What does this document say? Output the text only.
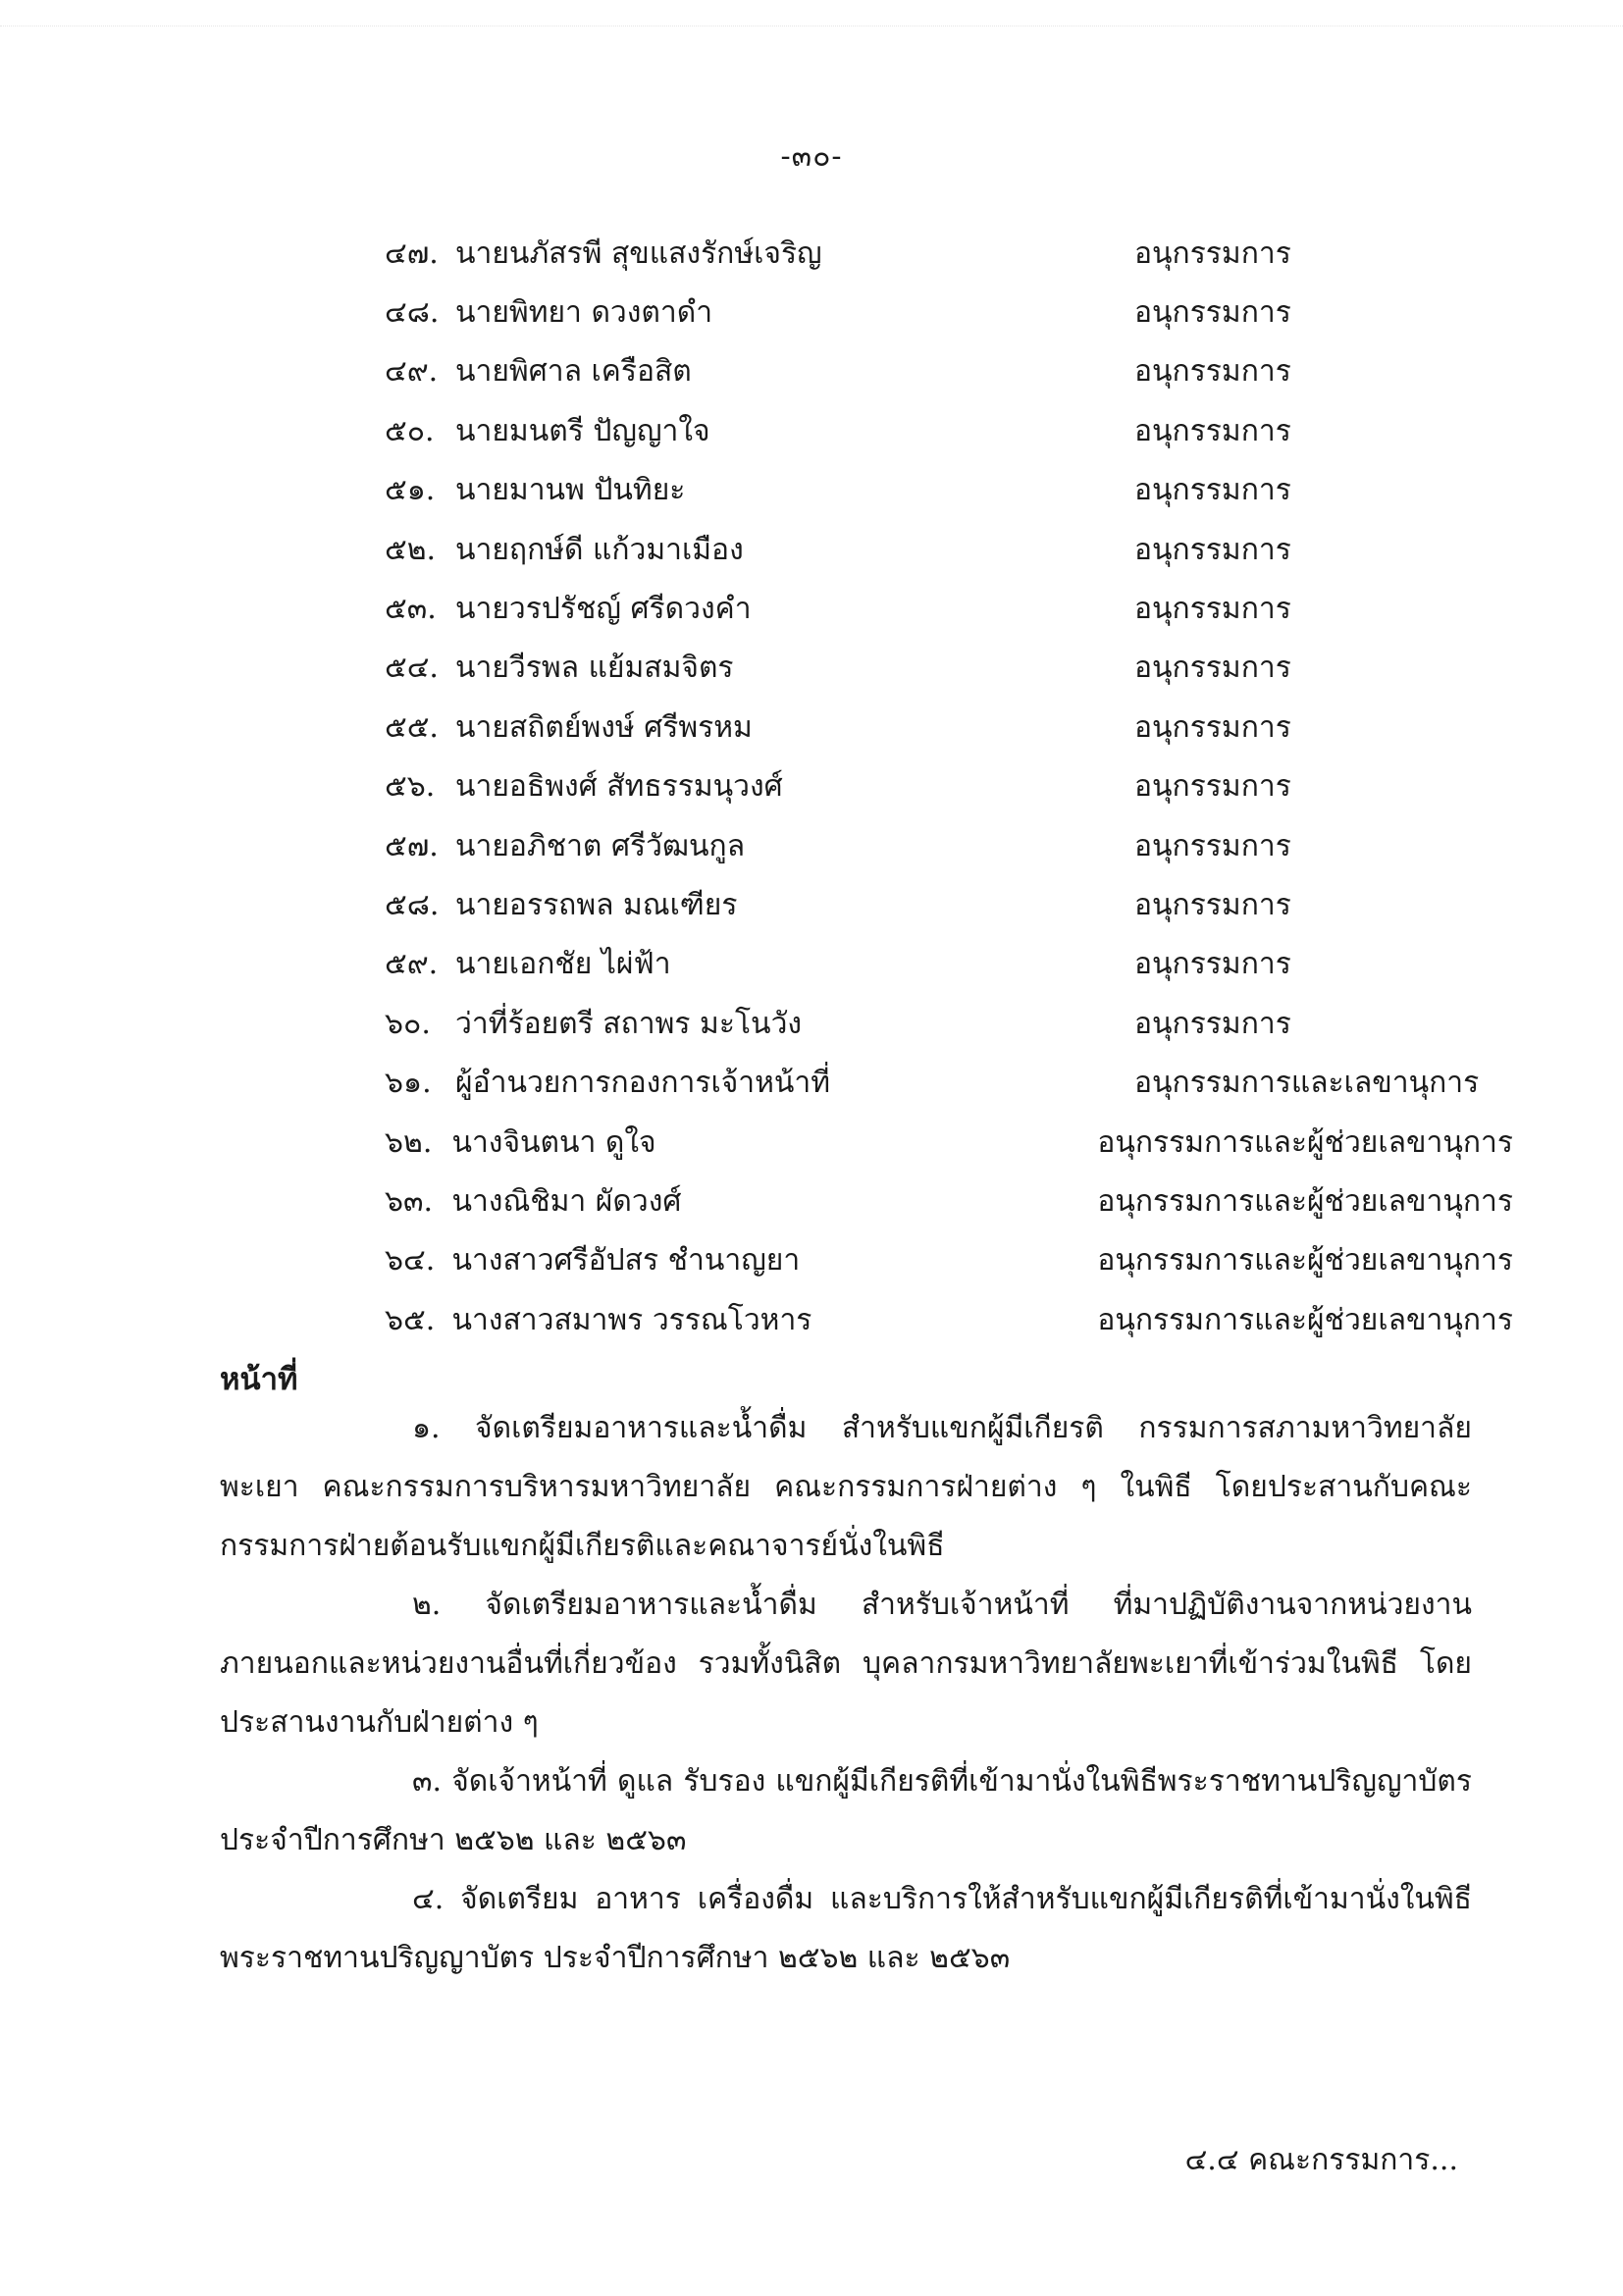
-๓๐-
๔๗. นายนภัสรพี สุขแสงรักษ์เจริญ	อนุกรรมการ
๔๘. นายพิทยา ดวงตาดำ	อนุกรรมการ
๔๙. นายพิศาล เครือสิต	อนุกรรมการ
๕๐. นายมนตรี ปัญญาใจ	อนุกรรมการ
๕๑. นายมานพ ปันทิยะ	อนุกรรมการ
๕๒. นายฤกษ์ดี แก้วมาเมือง	อนุกรรมการ
๕๓. นายวรปรัชญ์ ศรีดวงคำ	อนุกรรมการ
๕๔. นายวีรพล แย้มสมจิตร	อนุกรรมการ
๕๕. นายสถิตย์พงษ์ ศรีพรหม	อนุกรรมการ
๕๖. นายอธิพงศ์ สัทธรรมนุวงศ์	อนุกรรมการ
๕๗. นายอภิชาต ศรีวัฒนกูล	อนุกรรมการ
๕๘. นายอรรถพล มณเฑียร	อนุกรรมการ
๕๙. นายเอกชัย ไผ่ฟ้า	อนุกรรมการ
๖๐. ว่าที่ร้อยตรี สถาพร มะโนวัง	อนุกรรมการ
๖๑. ผู้อำนวยการกองการเจ้าหน้าที่	อนุกรรมการและเลขานุการ
๖๒. นางจินตนา ดูใจ	อนุกรรมการและผู้ช่วยเลขานุการ
๖๓. นางณิชิมา ผัดวงศ์	อนุกรรมการและผู้ช่วยเลขานุการ
๖๔. นางสาวศรีอัปสร ชำนาญยา	อนุกรรมการและผู้ช่วยเลขานุการ
๖๕. นางสาวสมาพร วรรณโวหาร	อนุกรรมการและผู้ช่วยเลขานุการ
หน้าที่

๑. จัดเตรียมอาหารและน้ำดื่ม สำหรับแขกผู้มีเกียรติ กรรมการสภามหาวิทยาลัยพะเยา คณะกรรมการบริหารมหาวิทยาลัย คณะกรรมการฝ่ายต่าง ๆ ในพิธี โดยประสานกับคณะกรรมการฝ่ายต้อนรับแขกผู้มีเกียรติและคณาจารย์นั่งในพิธี

๒. จัดเตรียมอาหารและน้ำดื่ม สำหรับเจ้าหน้าที่ ที่มาปฏิบัติงานจากหน่วยงานภายนอกและหน่วยงานอื่นที่เกี่ยวข้อง รวมทั้งนิสิต บุคลากรมหาวิทยาลัยพะเยาที่เข้าร่วมในพิธี โดยประสานงานกับฝ่ายต่าง ๆ

๓. จัดเจ้าหน้าที่ ดูแล รับรอง แขกผู้มีเกียรติที่เข้ามานั่งในพิธีพระราชทานปริญญาบัตร ประจำปีการศึกษา ๒๕๖๒ และ ๒๕๖๓

๔. จัดเตรียม อาหาร เครื่องดื่ม และบริการให้สำหรับแขกผู้มีเกียรติที่เข้ามานั่งในพิธีพระราชทานปริญญาบัตร ประจำปีการศึกษา ๒๕๖๒ และ ๒๕๖๓

๔.๔ คณะกรรมการ...
